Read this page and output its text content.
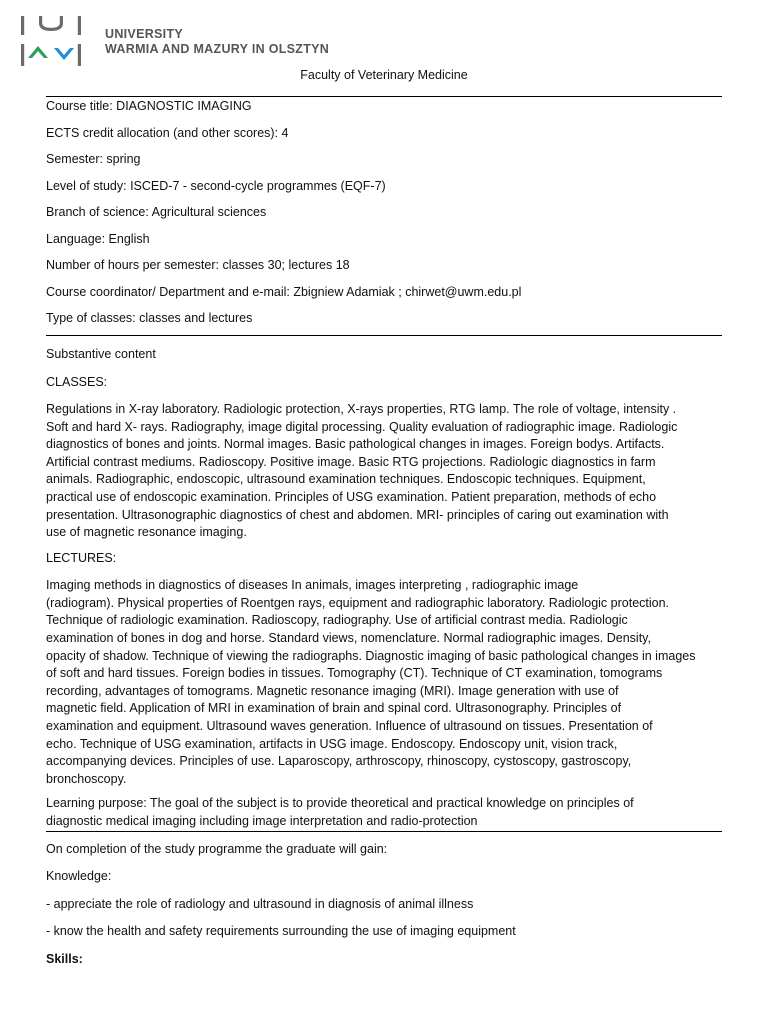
UNIVERSITY
WARMIA AND MAZURY IN OLSZTYN
Faculty of Veterinary Medicine

Course title: DIAGNOSTIC IMAGING

ECTS credit allocation (and other scores): 4

Semester: spring

Level of study: ISCED-7 - second-cycle programmes (EQF-7)

Branch of science: Agricultural sciences

Language: English

Number of hours per semester: classes 30; lectures 18

Course coordinator/ Department and e-mail: Zbigniew Adamiak ; chirwet@uwm.edu.pl

Type of classes: classes and lectures

Substantive content

CLASSES:

Regulations in X-ray laboratory. Radiologic protection, X-rays properties, RTG lamp. The role of voltage, intensity .

Soft and hard X- rays. Radiography, image digital processing. Quality evaluation of radiographic image. Radiologic

diagnostics of bones and joints. Normal images. Basic pathological changes in images. Foreign bodys. Artifacts.

Artificial contrast mediums. Radioscopy. Positive image. Basic RTG projections. Radiologic diagnostics in farm

animals. Radiographic, endoscopic, ultrasound examination techniques. Endoscopic techniques. Equipment,

practical use of endoscopic examination. Principles of USG examination. Patient preparation, methods of echo

presentation. Ultrasonographic diagnostics of chest and abdomen. MRI- principles of caring out examination with

use of magnetic resonance imaging.

LECTURES:

Imaging methods in diagnostics of diseases In animals, images interpreting , radiographic image

(radiogram). Physical properties of Roentgen rays, equipment and radiographic laboratory. Radiologic protection.

Technique of radiologic examination. Radioscopy, radiography. Use of artificial contrast media. Radiologic

examination of bones in dog and horse. Standard views, nomenclature. Normal radiographic images. Density,

opacity of shadow. Technique of viewing the radiographs. Diagnostic imaging of basic pathological changes in images

of soft and hard tissues. Foreign bodies in tissues. Tomography (CT). Technique of CT examination, tomograms

recording, advantages of tomograms. Magnetic resonance imaging (MRI). Image generation with use of

magnetic field. Application of MRI in examination of brain and spinal cord. Ultrasonography. Principles of

examination and equipment. Ultrasound waves generation. Influence of ultrasound on tissues. Presentation of

echo. Technique of USG examination, artifacts in USG image. Endoscopy. Endoscopy unit, vision track,

accompanying devices. Principles of use. Laparoscopy, arthroscopy, rhinoscopy, cystoscopy, gastroscopy,

bronchoscopy.

Learning purpose: The goal of the subject is to provide theoretical and practical knowledge on principles of

diagnostic medical imaging including image interpretation and radio-protection

On completion of the study programme the graduate will gain:

Knowledge:

- appreciate the role of radiology and ultrasound in diagnosis of animal illness

- know the health and safety requirements surrounding the use of imaging equipment

Skills:
